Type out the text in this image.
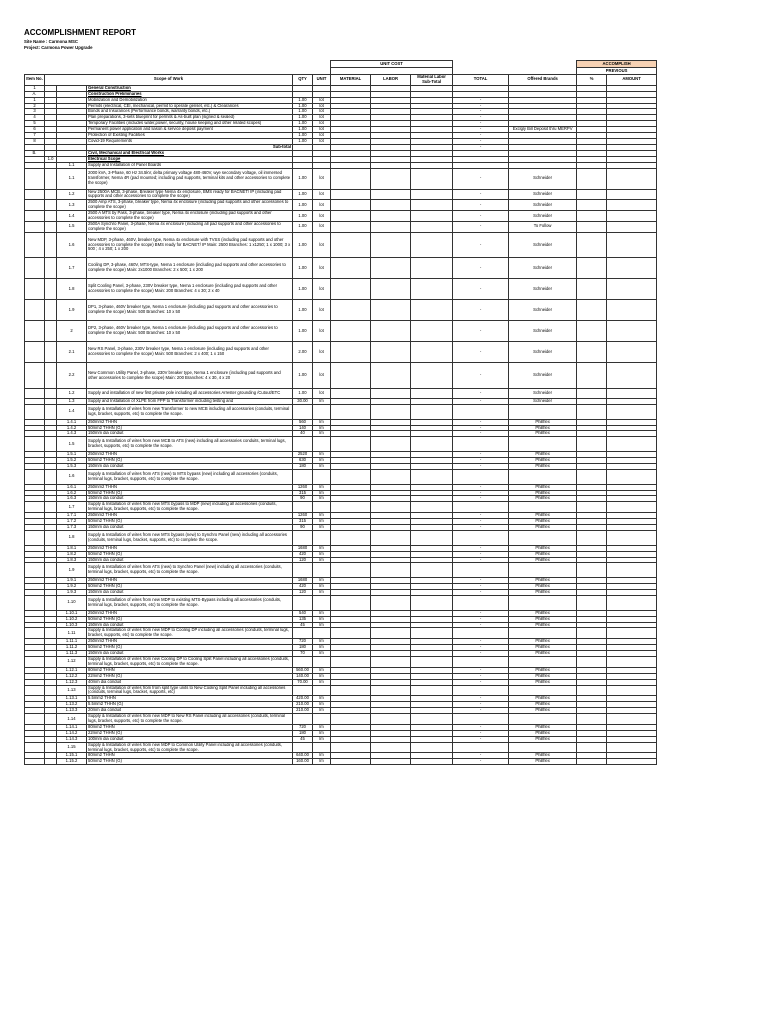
ACCOMPLISHMENT REPORT
Site Name : Carmona MSC
Project: Carmona Power Upgrade
						UNIT COST					ACCOMPLISH	
											PREVIOUS	
Item No.	Scope of Work			QTY	UNIT	MATERIAL	LABOR	Material Labor Sub-Total	TOTAL	Offered Brands	%	AMOUNT
1			General Construction									
A.			Construction Preliminaries									
1			Mobilization and Demobilization	1.00	lot				-			
2			Permits (electrical, CEI, mechanical, permit to operate genset, etc.) & Clearances	1.00	lot				-			
3			Bonds and Insurances (Performance bonds, warranty bonds, etc.)	1.00	lot				-			
4			Plan preparations, 3-sets blueprint for permits & As-built plan (signed & sealed)	1.00	lot				-			
5			Temporary Facilities (includes water,power, security, house keeping and other related scopes)	1.00	lot				-			
6			Permanent power application and liason & service deposit payment	1.00	lot				-	Exclgly Bill Deposit thru MERPV		
7			Protection of Existing Facilities	1.00	lot				-			
8			Covid-19 Requirements	1.00	lot				-			
			Sub-total						-			
B.			Civil, Mechanical and Electrical Works									
	1.0		Electrical Scope									
		1.1	Supply and Installation of Panel Boards									
		1.1	2000 kVA, 3-Phase, 60 Hz 34.5kV, delta primary voltage 480-460V, wye secondary voltage, oil immersed transformer, Nema 4R (pad mounted; including pad supports, terminal kits and other accessories to complete the scope)	1.00	lot				-	Schneider		
		1.2	New 2500A MCB, 3-phase, Breaker type Nema 4x enclosure, BMS ready for BACNET/ IP (including pad supports and other accessories to complete the scope)	1.00	lot				-	Schneider		
		1.3	2500 Amp ATS, 3-phase, breaker type, Nema 4x enclosure (including pad supports and other accessories to complete the scope)	1.00	lot				-	Schneider		
		1.4	2500 A MTS by Pass, 3-phase, breaker type, Nema 4x enclosure (including pad supports and other accessories to complete the scope)	1.00	lot				-	Schneider		
		1.5	2500A Synchro Panel, 3-phase, Nema 4x enclosure (including all pad supports and other accessories to complete the scope)	1.00	lot				-	To Follow		
		1.6	New MDP, 3-phase, 460V, breaker type, Nema 4x enclosure with TVSS (including pad supports and other accessories to complete the scope) BMS ready for BACNET/ IP Main: 2500 Branches: 1 x1250; 1 x 1000; 3 x 500 ; 4 x 250; 1 x 200	1.00	lot				-	Schneider		
		1.7	Cooling DP, 3-phase, 460V, MTS-type, Nema 1 enclosure (including pad supports and other accessories to complete the scope) Main: 2x1000 Branches: 2 x 500; 1 x 200	1.00	lot				-	Schneider		
		1.8	Split Cooling Panel, 3-phase, 230V breaker type, Nema 1 enclosure (including pad supports and other accessories to complete the scope) Main: 200 Branches: 4 x 30; 2 x 40	1.00	lot				-	Schneider		
		1.9	DP1, 3-phase, 460V breaker type, Nema 1 enclosure (including pad supports and other accessories to complete the scope) Main: 500 Branches: 10 x 50	1.00	lot				-	Schneider		
		2	DP2, 3-phase, 460V breaker type, Nema 1 enclosure (including pad supports and other accessories to complete the scope) Main: 500 Branches: 10 x 50	1.00	lot				-	Schneider		
		2.1	New RS Panel, 3-phase, 230V breaker type, Nema 1 enclosure (including pad supports and other accessories to complete the scope) Main: 500 Branches: 2 x 400; 1 x 150	2.00	lot				-	Schneider		
		2.2	New Common Utility Panel, 3-phase, 230V breaker type, Nema 1 enclosure (including pad supports and other accessories to complete the scope) Main: 200 Branches: 4 x 30, 4 x 20	1.00	lot				-	Schneider		
		1.2	Supply and installation of new first private pole including all accessories Arrester grounding /Cutout/ETC	1.00	lot				-	Schneider		
		1.3	Supply and Installation of XLPE from FPP to Transformer including testing and	30.00	lm				-	Schneider		
		1.4	Supply & Installation of wires from new Transformer to new MCB including all accessories (conduits, terminal lugs, bracket, supports, etc) to complete the scope.									
		1.4.1	250mm2 THHN	560	lm				-	Phillflex		
		1.4.2	50mm2 THHN (G)	140	lm				-	Phillflex		
		1.4.3	150mm dia conduit	40	lm				-	Phillflex		
		1.5	Supply & Installation of wires from new MCB to ATS (new) including all accessories conduits, terminal lugs, bracket, supports, etc) to complete the scope.									
		1.5.1	250mm2 THHN	2520	lm				-	Phillflex		
		1.5.2	50mm2 THHN (G)	630	lm				-	Phillflex		
		1.5.3	150mm dia conduit	180	lm				-	Phillflex		
		1.6	Supply & Installation of wires from ATS (new) to MTS bypass (new) including all accessories (conduits, terminal lugs, bracket, supports, etc) to complete the scope.									
		1.6.1	250mm2 THHN	1260	lm				-	Phillflex		
		1.6.2	50mm2 THHN (G)	315	lm				-	Phillflex		
		1.6.3	150mm dia conduit	90	lm				-	Phillflex		
		1.7	Supply & Installation of wires from new MTS bypass to MDP (new) including all accessories (conduits, terminal lugs, bracket, supports, etc) to complete the scope.									
		1.7.1	250mm2 THHN	1260	lm				-	Phillflex		
		1.7.2	50mm2 THHN (G)	315	lm				-	Phillflex		
		1.7.3	150mm dia conduit	90	lm				-	Phillflex		
		1.8	Supply & Installation of wires from new MTS bypass (new) to Synchro Panel (new) including all accessories (conduits, terminal lugs, bracket, supports, etc) to complete the scope.									
		1.8.1	250mm2 THHN	1680	lm				-	Phillflex		
		1.8.2	50mm2 THHN (G)	420	lm				-	Phillflex		
		1.8.3	150mm dia conduit	120	lm				-	Phillflex		
		1.9	Supply & Installation of wires from ATS (new) to Synchro Panel (new) including all accessories (conduits, terminal lugs, bracket, supports, etc) to complete the scope.									
		1.9.1	250mm2 THHN	1680	lm				-	Phillflex		
		1.9.2	50mm2 THHN (G)	420	lm				-	Phillflex		
		1.9.3	150mm dia conduit	120	lm				-	Phillflex		
		1.10	Supply & Installation of wires from new MDP to existing MTS-Bypass including all accessories (conduits, terminal lugs, bracket, supports, etc) to complete the scope.									
		1.10.1	250mm2 THHN	540	lm				-	Phillflex		
		1.10.2	50mm2 THHN (G)	135	lm				-	Phillflex		
		1.10.3	150mm dia conduit	45	lm				-	Phillflex		
		1.11	Supply & Installation of wires from new MDP to Cooling DP including all accessories (conduits, terminal lugs, bracket, supports, etc) to complete the scope.									
		1.11.1	250mm2 THHN	720	lm				-	Phillflex		
		1.11.2	50mm2 THHN (G)	180	lm				-	Phillflex		
		1.11.3	150mm dia conduit	70	lm				-	Phillflex		
		1.12	Supply & Installation of wires from new Cooling DP to Cooling Split Panel including all accessories (conduits, terminal lugs, bracket, supports, etc) to complete the scope.									
		1.12.1	80mm2 THHN	560.00	lm				-	Phillflex		
		1.12.2	22mm2 THHN (G)	140.00	lm				-	Phillflex		
		1.12.3	40mm dia conduit	70.00	lm				-	Phillflex		
		1.13	Supply & Installation of wires from from split type units to New Cooling Split Panel including all accessories (conduits, terminal lugs, bracket, supports, etc)									
		1.13.1	5.5mm2 THHN	420.00	lm				-	Phillflex		
		1.13.2	5.5mm2 THHN (G)	210.00	lm				-	Phillflex		
		1.13.3	20mm dia conduit	210.00	lm				-	Phillflex		
		1.14	Supply & Installation of wires from new MDP to New RS Panel including all accessories (conduits, terminal lugs, bracket, supports, etc) to complete the scope.									
		1.14.1	80mm2 THHN	720	lm				-	Phillflex		
		1.14.2	22mm2 THHN (G)	180	lm				-	Phillflex		
		1.14.3	100mm dia conduit	45	lm				-	Phillflex		
		1.15	Supply & Installation of wires from new MDP to Common Utility Panel including all accessories (conduits, terminal lugs, bracket, supports, etc) to complete the scope.									
		1.15.1	80mm2 THHN	640.00	lm				-	Phillflex		
		1.15.2	50mm2 THHN (G)	160.00	lm				-	Phillflex		
